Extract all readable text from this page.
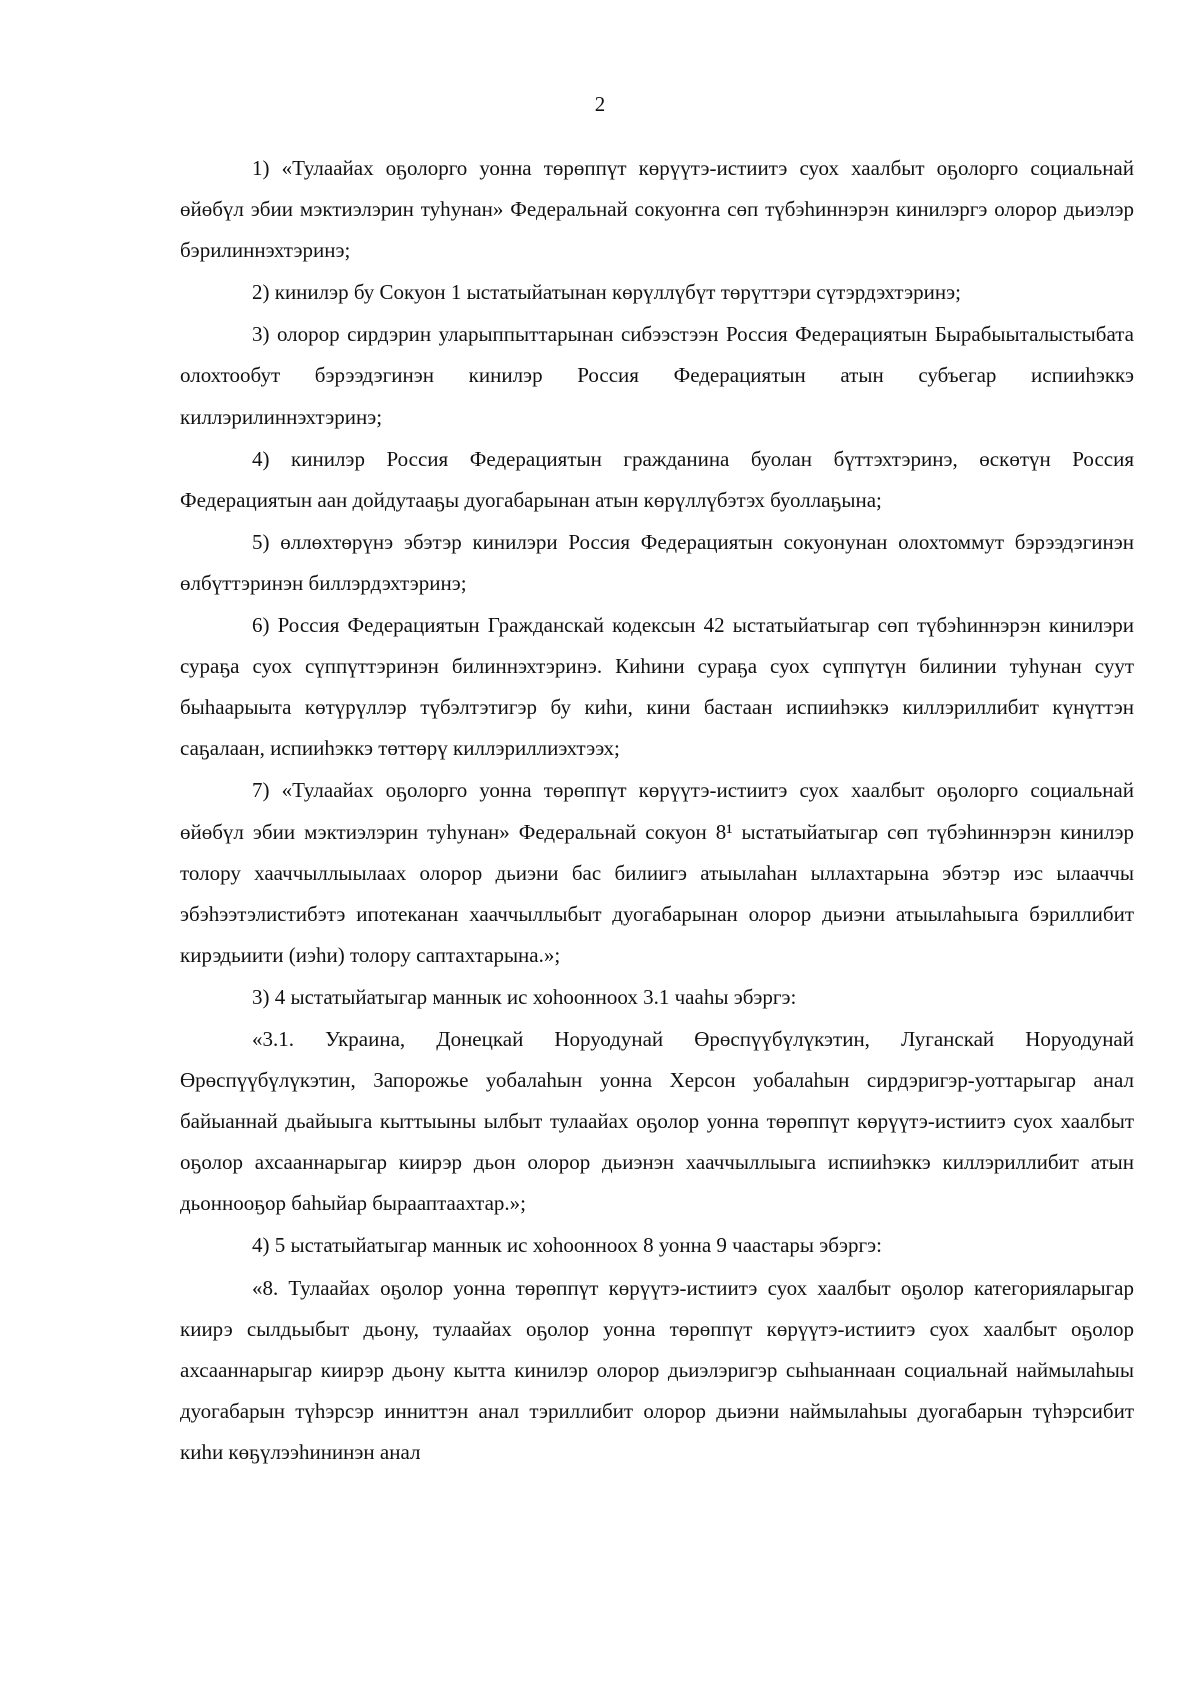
2

1) «Тулаайах оҕолорго уонна төрөппүт көрүүтэ-истиитэ суох хаалбыт оҕолорго социальнай өйөбүл эбии мэктиэлэрин туһунан» Федеральнай сокуоҥҥа сөп түбэһиннэрэн кинилэргэ олорор дьиэлэр бэрилиннэхтэринэ;

2) кинилэр бу Сокуон 1 ыстатыйатынан көрүллүбүт төрүттэри сүтэрдэхтэринэ;

3) олорор сирдэрин уларыппыттарынан сибээстээн Россия Федерациятын Бырабыыталыстыбата олохтообут бэрээдэгинэн кинилэр Россия Федерациятын атын субъегар испииһэккэ киллэрилиннэхтэринэ;

4) кинилэр Россия Федерациятын гражданина буолан бүттэхтэринэ, өскөтүн Россия Федерациятын аан дойдутааҕы дуогабарынан атын көрүллүбэтэх буоллаҕына;

5) өллөхтөрүнэ эбэтэр кинилэри Россия Федерациятын сокуонунан олохтоммут бэрээдэгинэн өлбүттэринэн биллэрдэхтэринэ;

6) Россия Федерациятын Гражданскай кодексын 42 ыстатыйатыгар сөп түбэһиннэрэн кинилэри сураҕа суох сүппүттэринэн билиннэхтэринэ. Киһини сураҕа суох сүппүтүн билинии туһунан суут быһаарыыта көтүрүллэр түбэлтэтигэр бу киһи, кини бастаан испииһэккэ киллэриллибит күнүттэн саҕалаан, испииһэккэ төттөрү киллэриллиэхтээх;

7) «Тулаайах оҕолорго уонна төрөппүт көрүүтэ-истиитэ суох хаалбыт оҕолорго социальнай өйөбүл эбии мэктиэлэрин туһунан» Федеральнай сокуон 8¹ ыстатыйатыгар сөп түбэһиннэрэн кинилэр толору хааччыллыылаах олорор дьиэни бас билиигэ атыылаһан ыллахтарына эбэтэр иэс ылааччы эбэһээтэлистибэтэ ипотеканан хааччыллыбыт дуогабарынан олорор дьиэни атыылаһыыга бэриллибит кирэдьиити (иэһи) толору саптахтарына.»;

3) 4 ыстатыйатыгар маннык ис хоһоонноох 3.1 чааһы эбэргэ:

«3.1. Украина, Донецкай Норуодунай Өрөспүүбүлүкэтин, Луганскай Норуодунай Өрөспүүбүлүкэтин, Запорожье уобалаһын уонна Херсон уобалаһын сирдэригэр-уоттарыгар анал байыаннай дьайыыга кыттыыны ылбыт тулаайах оҕолор уонна төрөппүт көрүүтэ-истиитэ суох хаалбыт оҕолор ахсааннарыгар киирэр дьон олорор дьиэнэн хааччыллыыга испииһэккэ киллэриллибит атын дьоннооҕор баһыйар бырааптаахтар.»;

4) 5 ыстатыйатыгар маннык ис хоһоонноох 8 уонна 9 чаастары эбэргэ:

«8. Тулаайах оҕолор уонна төрөппүт көрүүтэ-истиитэ суох хаалбыт оҕолор категорияларыгар киирэ сылдьыбыт дьону, тулаайах оҕолор уонна төрөппүт көрүүтэ-истиитэ суох хаалбыт оҕолор ахсааннарыгар киирэр дьону кытта кинилэр олорор дьиэлэригэр сыһыаннаан социальнай наймылаһыы дуогабарын түһэрсэр инниттэн анал тэриллибит олорор дьиэни наймылаһыы дуогабарын түһэрсибит киһи көҕүлээһининэн анал
